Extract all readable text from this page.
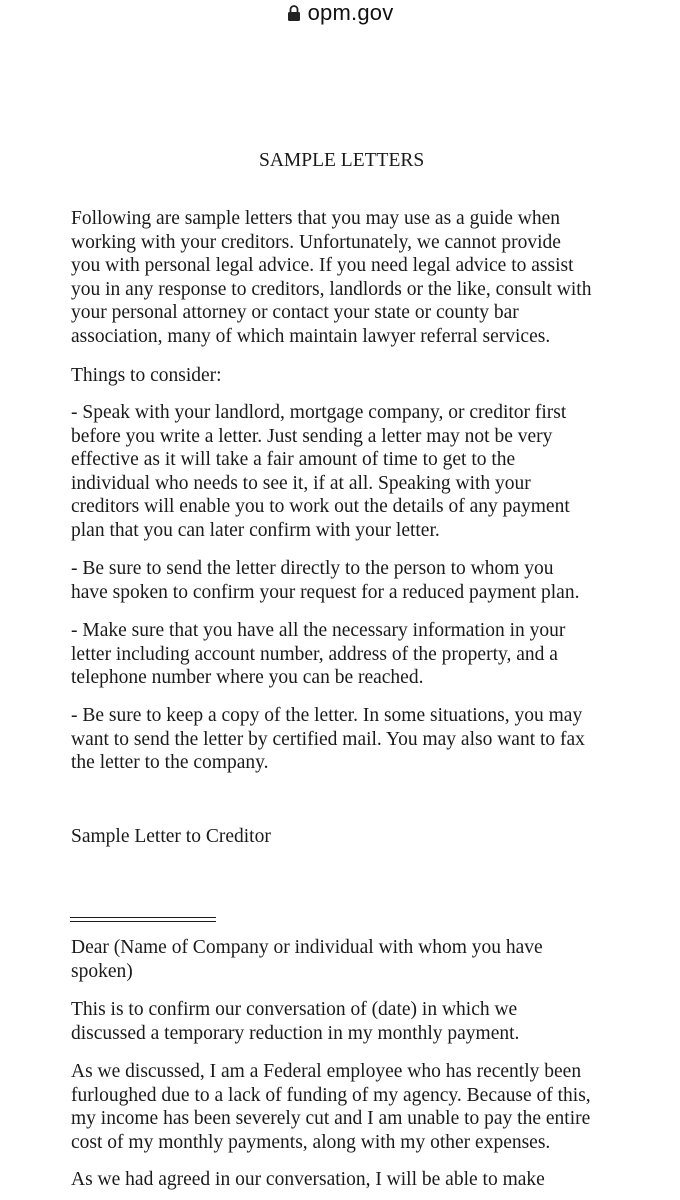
opm.gov
SAMPLE LETTERS

Following are sample letters that you may use as a guide when
working with your creditors. Unfortunately, we cannot provide
you with personal legal advice. If you need legal advice to assist
you in any response to creditors, landlords or the like, consult with
your personal attorney or contact your state or county bar
association, many of which maintain lawyer referral services.

Things to consider:

- Speak with your landlord, mortgage company, or creditor first
before you write a letter. Just sending a letter may not be very
effective as it will take a fair amount of time to get to the
individual who needs to see it, if at all. Speaking with your
creditors will enable you to work out the details of any payment
plan that you can later confirm with your letter.

- Be sure to send the letter directly to the person to whom you
have spoken to confirm your request for a reduced payment plan.

- Make sure that you have all the necessary information in your
letter including account number, address of the property, and a
telephone number where you can be reached.

- Be sure to keep a copy of the letter. In some situations, you may
want to send the letter by certified mail. You may also want to fax
the letter to the company.

Sample Letter to Creditor

Dear (Name of Company or individual with whom you have
spoken)

This is to confirm our conversation of (date) in which we
discussed a temporary reduction in my monthly payment.

As we discussed, I am a Federal employee who has recently been
furloughed due to a lack of funding of my agency. Because of this,
my income has been severely cut and I am unable to pay the entire
cost of my monthly payments, along with my other expenses.

As we had agreed in our conversation, I will be able to make
